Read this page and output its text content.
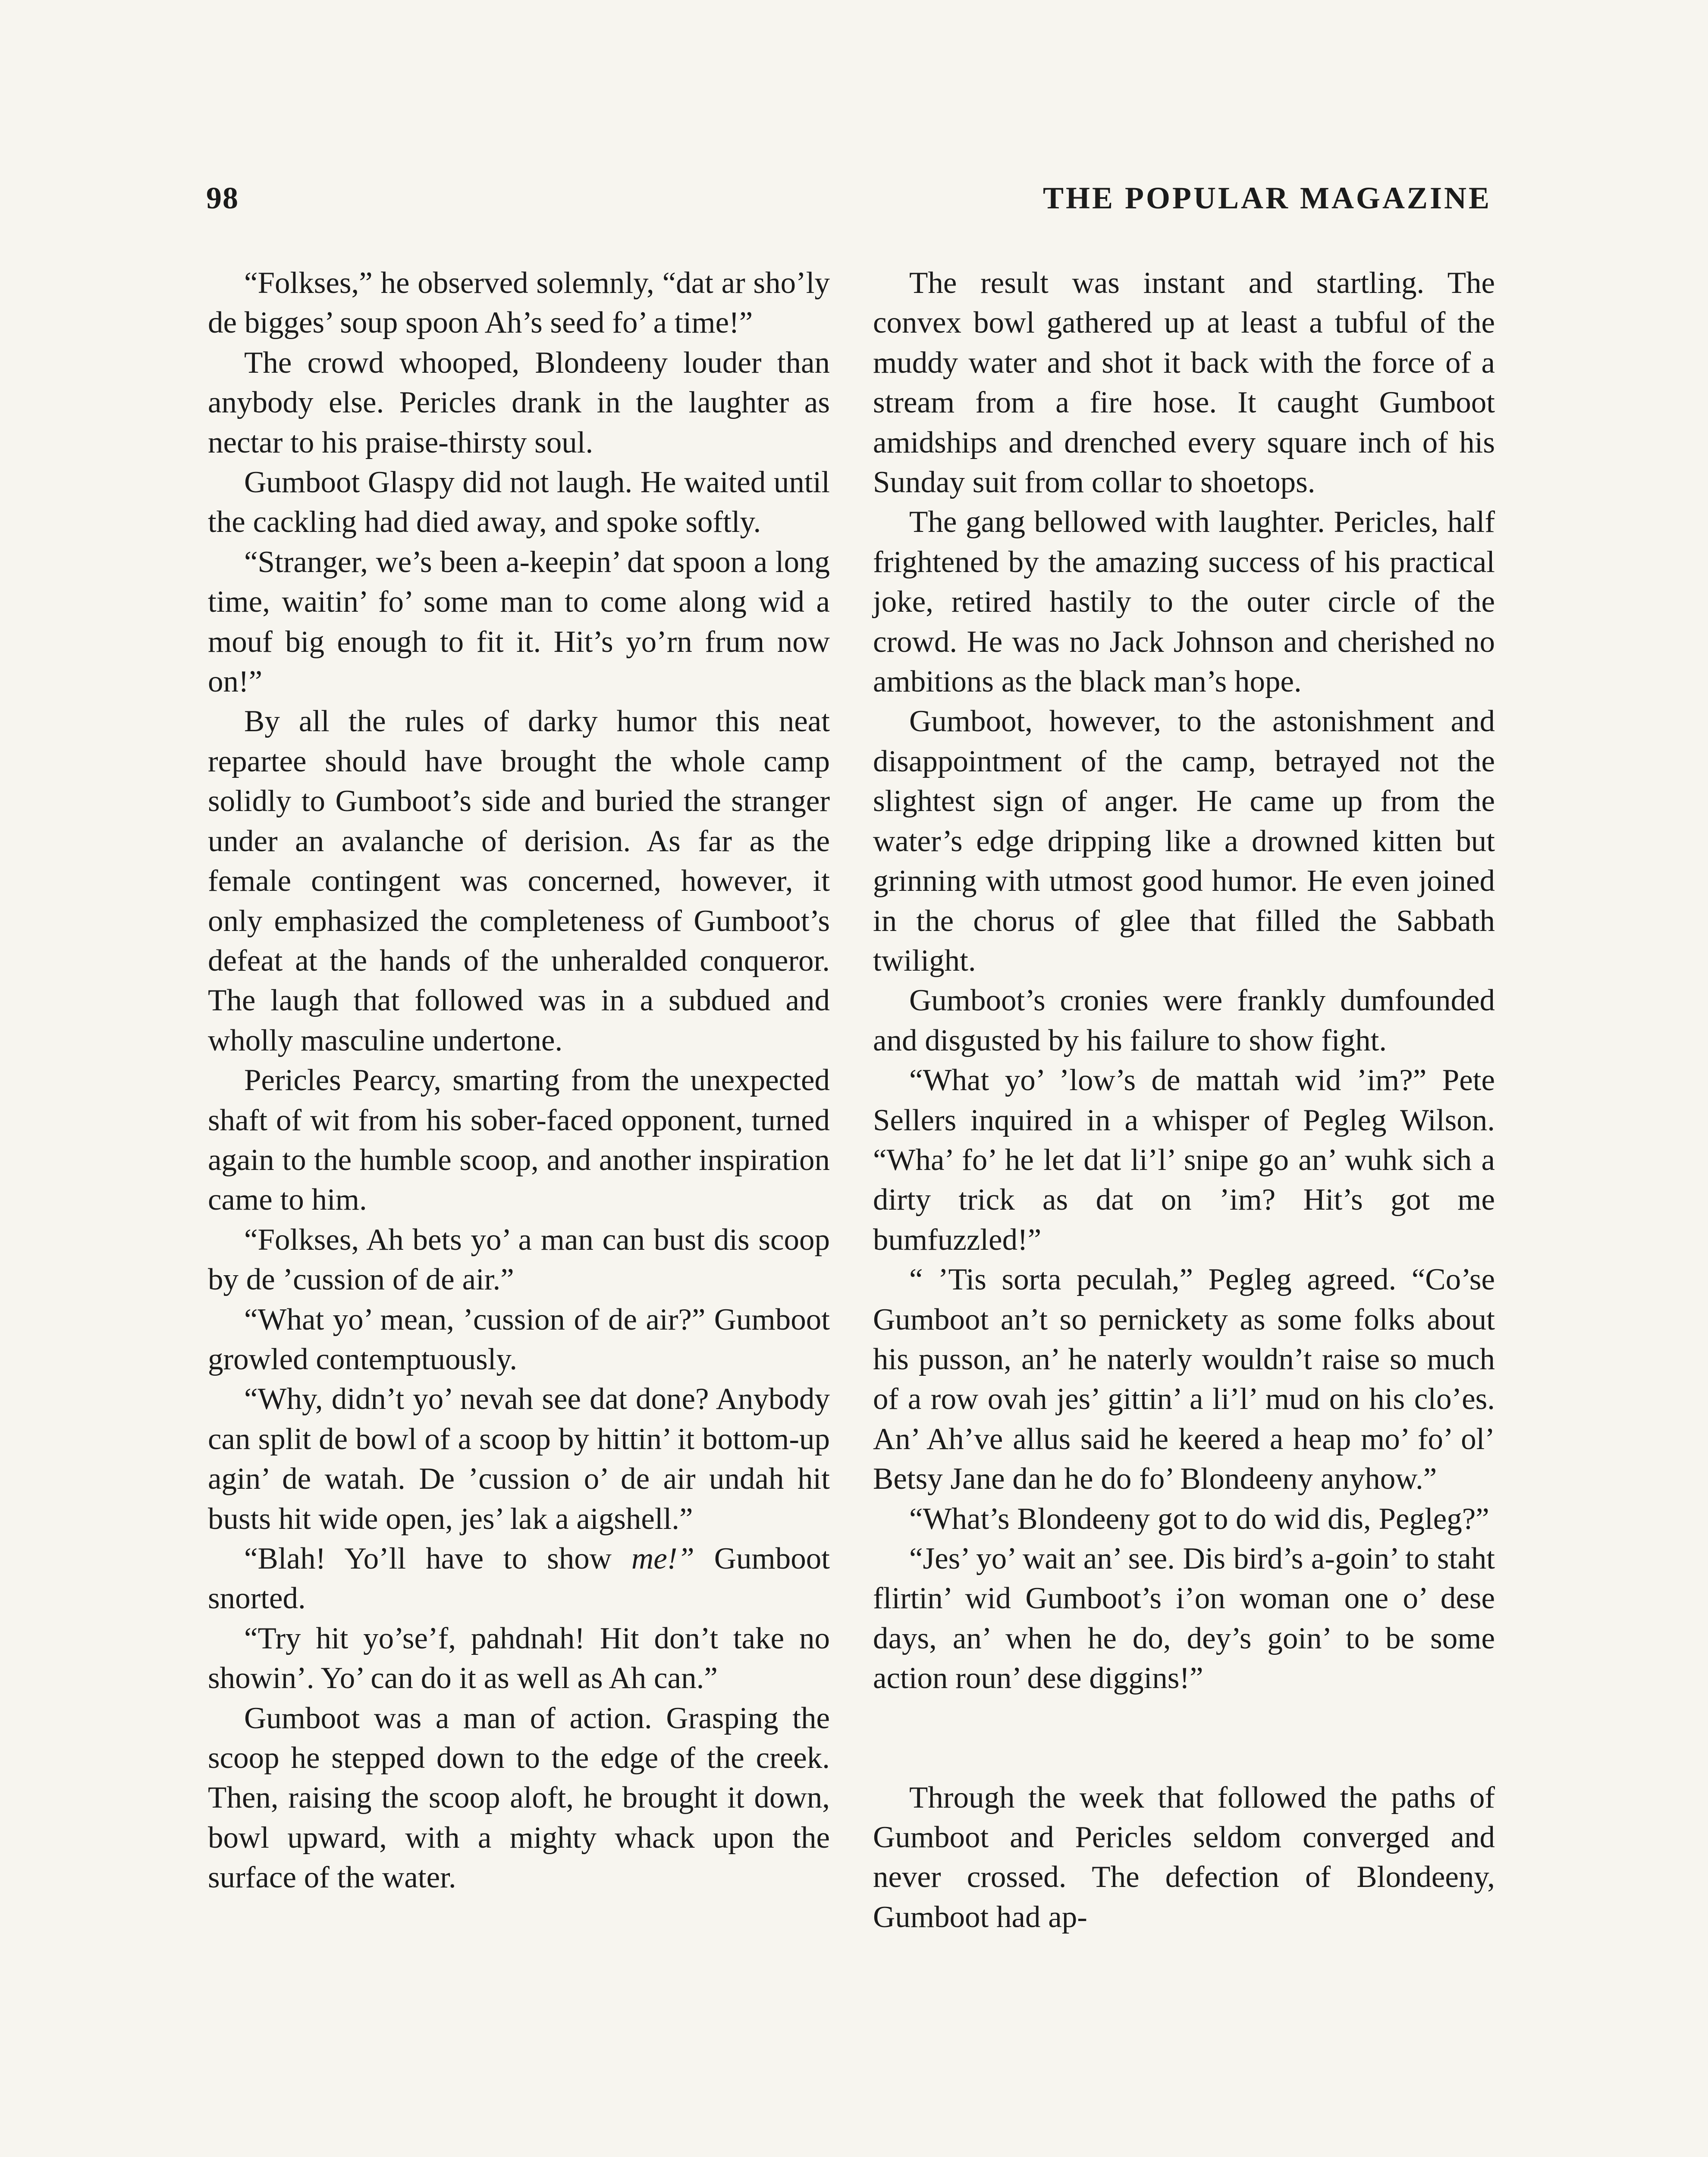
98	THE POPULAR MAGAZINE

“Folkses,” he observed solemnly, “dat ar sho’ly de bigges’ soup spoon Ah’s seed fo’ a time!”

The crowd whooped, Blondeeny louder than anybody else. Pericles drank in the laughter as nectar to his praise-thirsty soul.

Gumboot Glaspy did not laugh. He waited until the cackling had died away, and spoke softly.

“Stranger, we’s been a-keepin’ dat spoon a long time, waitin’ fo’ some man to come along wid a mouf big enough to fit it. Hit’s yo’rn frum now on!”

By all the rules of darky humor this neat repartee should have brought the whole camp solidly to Gumboot’s side and buried the stranger under an avalanche of derision. As far as the female contingent was concerned, however, it only emphasized the completeness of Gumboot’s defeat at the hands of the unheralded conqueror. The laugh that followed was in a subdued and wholly masculine undertone.

Pericles Pearcy, smarting from the unexpected shaft of wit from his sober-faced opponent, turned again to the humble scoop, and another inspiration came to him.

“Folkses, Ah bets yo’ a man can bust dis scoop by de ’cussion of de air.”

“What yo’ mean, ’cussion of de air?” Gumboot growled contemptuously.

“Why, didn’t yo’ nevah see dat done? Anybody can split de bowl of a scoop by hittin’ it bottom-up agin’ de watah. De ’cussion o’ de air undah hit busts hit wide open, jes’ lak a aigshell.”

“Blah! Yo’ll have to show me!” Gumboot snorted.

“Try hit yo’se’f, pahdnah! Hit don’t take no showin’. Yo’ can do it as well as Ah can.”

Gumboot was a man of action. Grasping the scoop he stepped down to the edge of the creek. Then, raising the scoop aloft, he brought it down, bowl upward, with a mighty whack upon the surface of the water.

The result was instant and startling. The convex bowl gathered up at least a tubful of the muddy water and shot it back with the force of a stream from a fire hose. It caught Gumboot amidships and drenched every square inch of his Sunday suit from collar to shoetops.

The gang bellowed with laughter. Pericles, half frightened by the amazing success of his practical joke, retired hastily to the outer circle of the crowd. He was no Jack Johnson and cherished no ambitions as the black man’s hope.

Gumboot, however, to the astonishment and disappointment of the camp, betrayed not the slightest sign of anger. He came up from the water’s edge dripping like a drowned kitten but grinning with utmost good humor. He even joined in the chorus of glee that filled the Sabbath twilight.

Gumboot’s cronies were frankly dumfounded and disgusted by his failure to show fight.

“What yo’ ’low’s de mattah wid ’im?” Pete Sellers inquired in a whisper of Pegleg Wilson. “Wha’ fo’ he let dat li’l’ snipe go an’ wuhk sich a dirty trick as dat on ’im? Hit’s got me bumfuzzled!”

“ ’Tis sorta peculah,” Pegleg agreed. “Co’se Gumboot an’t so pernickety as some folks about his pusson, an’ he naterly wouldn’t raise so much of a row ovah jes’ gittin’ a li’l’ mud on his clo’es. An’ Ah’ve allus said he keered a heap mo’ fo’ ol’ Betsy Jane dan he do fo’ Blondeeny anyhow.”

“What’s Blondeeny got to do wid dis, Pegleg?”

“Jes’ yo’ wait an’ see. Dis bird’s a-goin’ to staht flirtin’ wid Gumboot’s i’on woman one o’ dese days, an’ when he do, dey’s goin’ to be some action roun’ dese diggins!”

Through the week that followed the paths of Gumboot and Pericles seldom converged and never crossed. The defection of Blondeeny, Gumboot had ap-
